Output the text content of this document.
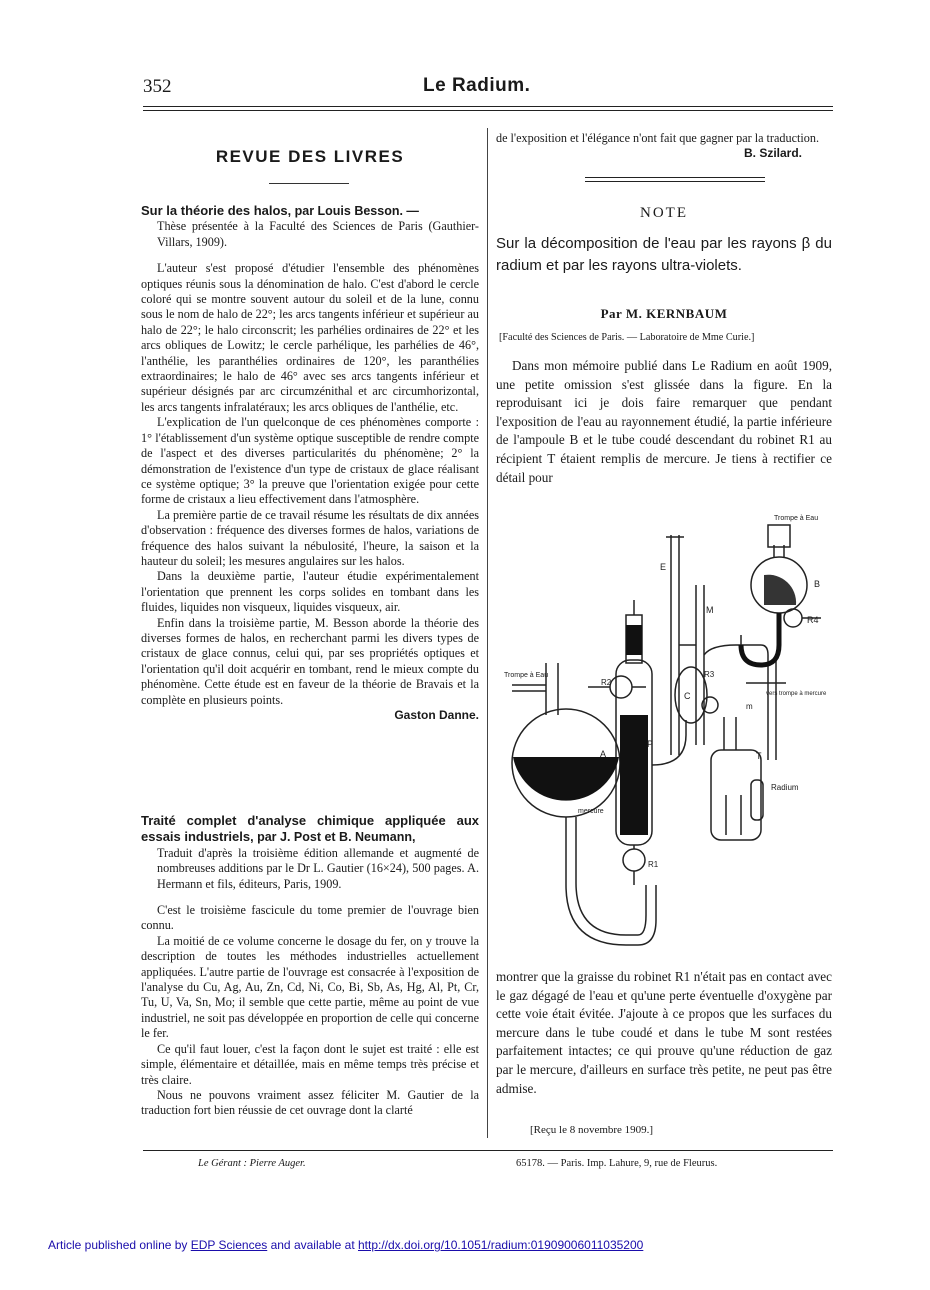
352	Le Radium.
REVUE DES LIVRES
Sur la théorie des halos, par Louis Besson. —
Thèse présentée à la Faculté des Sciences de Paris (Gauthier-Villars, 1909).

L'auteur s'est proposé d'étudier l'ensemble des phénomènes optiques réunis sous la dénomination de halo. C'est d'abord le cercle coloré qui se montre souvent autour du soleil et de la lune, connu sous le nom de halo de 22°; les arcs tangents inférieur et supérieur au halo de 22°; le halo circonscrit; les parhélies ordinaires de 22° et les arcs obliques de Lowitz; le cercle parhélique, les parhélies de 46°, l'anthélie, les paranthélies ordinaires de 120°, les paranthélies extraordinaires; le halo de 46° avec ses arcs tangents inférieur et supérieur désignés par arc circumzénithal et arc circumhorizontal, les arcs tangents infralatéraux; les arcs obliques de l'anthélie, etc.

L'explication de l'un quelconque de ces phénomènes comporte : 1° l'établissement d'un système optique susceptible de rendre compte de l'aspect et des diverses particularités du phénomène; 2° la démonstration de l'existence d'un type de cristaux de glace réalisant ce système optique; 3° la preuve que l'orientation exigée pour cette forme de cristaux a lieu effectivement dans l'atmosphère.

La première partie de ce travail résume les résultats de dix années d'observation : fréquence des diverses formes de halos, variations de fréquence des halos suivant la nébulosité, l'heure, la saison et la hauteur du soleil; les mesures angulaires sur les halos.

Dans la deuxième partie, l'auteur étudie expérimentalement l'orientation que prennent les corps solides en tombant dans les fluides, liquides non visqueux, liquides visqueux, air.

Enfin dans la troisième partie, M. Besson aborde la théorie des diverses formes de halos, en recherchant parmi les divers types de cristaux de glace connus, celui qui, par ses propriétés optiques et l'orientation qu'il doit acquérir en tombant, rend le mieux compte du phénomène. Cette étude est en faveur de la théorie de Bravais et la complète en plusieurs points.

Gaston Danne.
Traité complet d'analyse chimique appliquée aux essais industriels, par J. Post et B. Neumann,
Traduit d'après la troisième édition allemande et augmenté de nombreuses additions par le Dr L. Gautier (16×24), 500 pages. A. Hermann et fils, éditeurs, Paris, 1909.

C'est le troisième fascicule du tome premier de l'ouvrage bien connu.

La moitié de ce volume concerne le dosage du fer, on y trouve la description de toutes les méthodes industrielles actuellement appliquées. L'autre partie de l'ouvrage est consacrée à l'exposition de l'analyse du Cu, Ag, Au, Zn, Cd, Ni, Co, Bi, Sb, As, Hg, Al, Pt, Cr, Tu, U, Va, Sn, Mo; il semble que cette partie, même au point de vue industriel, ne soit pas développée en proportion de celle qui concerne le fer.

Ce qu'il faut louer, c'est la façon dont le sujet est traité : elle est simple, élémentaire et détaillée, mais en même temps très précise et très claire.

Nous ne pouvons vraiment assez féliciter M. Gautier de la traduction fort bien réussie de cet ouvrage dont la clarté

de l'exposition et l'élégance n'ont fait que gagner par la traduction.
B. Szilard.
NOTE
Sur la décomposition de l'eau par les rayons β du radium et par les rayons ultra-violets.
Par M. KERNBAUM
[Faculté des Sciences de Paris. — Laboratoire de Mme Curie.]

Dans mon mémoire publié dans Le Radium en août 1909, une petite omission s'est glissée dans la figure. En la reproduisant ici je dois faire remarquer que pendant l'exposition de l'eau au rayonnement étudié, la partie inférieure de l'ampoule B et le tube coudé descendant du robinet R1 au récipient T étaient remplis de mercure. Je tiens à rectifier ce détail pour

Trompe à Eau
B
R4
E
M
Trompe à Eau
R2
R3
C	vers trompe à mercure
m
P
A	T
Radium
mercure
R1

montrer que la graisse du robinet R1 n'était pas en contact avec le gaz dégagé de l'eau et qu'une perte éventuelle d'oxygène par cette voie était évitée. J'ajoute à ce propos que les surfaces du mercure dans le tube coudé et dans le tube M sont restées parfaitement intactes; ce qui prouve qu'une réduction de gaz par le mercure, d'ailleurs en surface très petite, ne peut pas être admise.

[Reçu le 8 novembre 1909.]
Le Gérant : Pierre Auger.	65178. — Paris. Imp. Lahure, 9, rue de Fleurus.
Article published online by EDP Sciences and available at http://dx.doi.org/10.1051/radium:01909006011035200
